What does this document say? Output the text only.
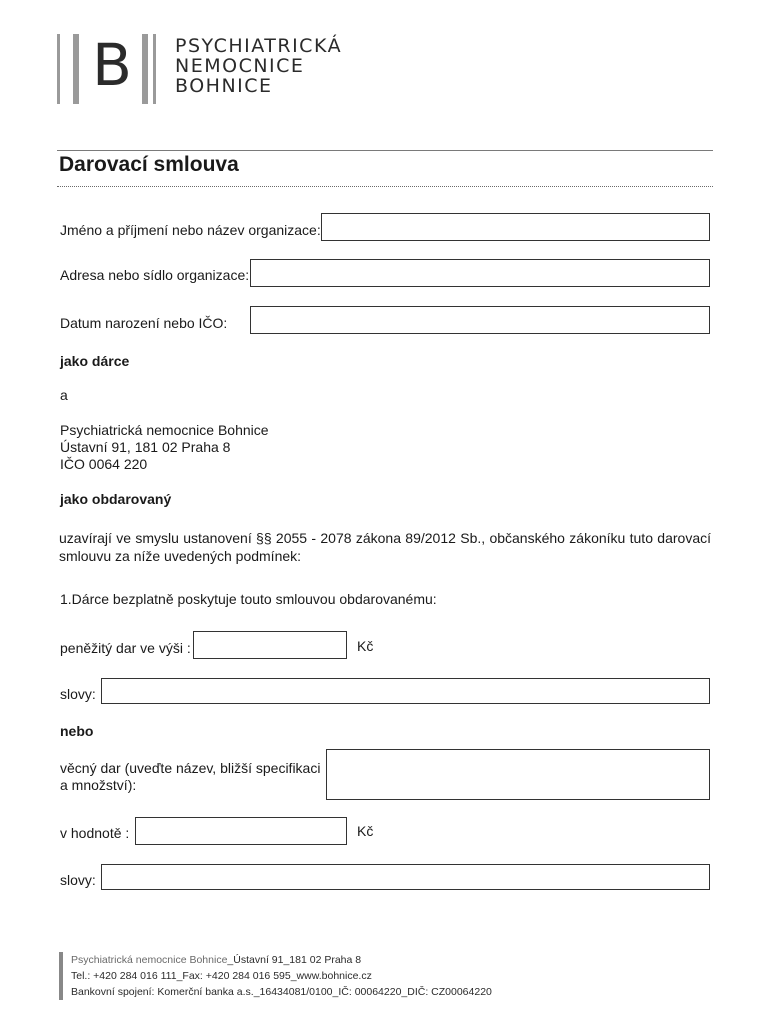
B	PSYCHIATRICKÁ
NEMOCNICE
BOHNICE
Darovací smlouva
Jméno a příjmení nebo název organizace:
Adresa nebo sídlo organizace:
Datum narození nebo IČO:
jako dárce
a
Psychiatrická nemocnice Bohnice
Ústavní 91, 181 02 Praha 8
IČO 0064 220
jako obdarovaný
uzavírají ve smyslu ustanovení §§ 2055 - 2078 zákona 89/2012 Sb., občanského zákoníku tuto darovací smlouvu za níže uvedených podmínek:
1.Dárce bezplatně poskytuje touto smlouvou obdarovanému:
peněžitý dar ve výši :	Kč
slovy:
nebo
věcný dar (uveďte název, bližší specifikaci
a množství):
v hodnotě :	Kč
slovy:
Psychiatrická nemocnice Bohnice_Ústavní 91_181 02 Praha 8
Tel.: +420 284 016 111_Fax: +420 284 016 595_www.bohnice.cz
Bankovní spojení: Komerční banka a.s._16434081/0100_IČ: 00064220_DIČ: CZ00064220
